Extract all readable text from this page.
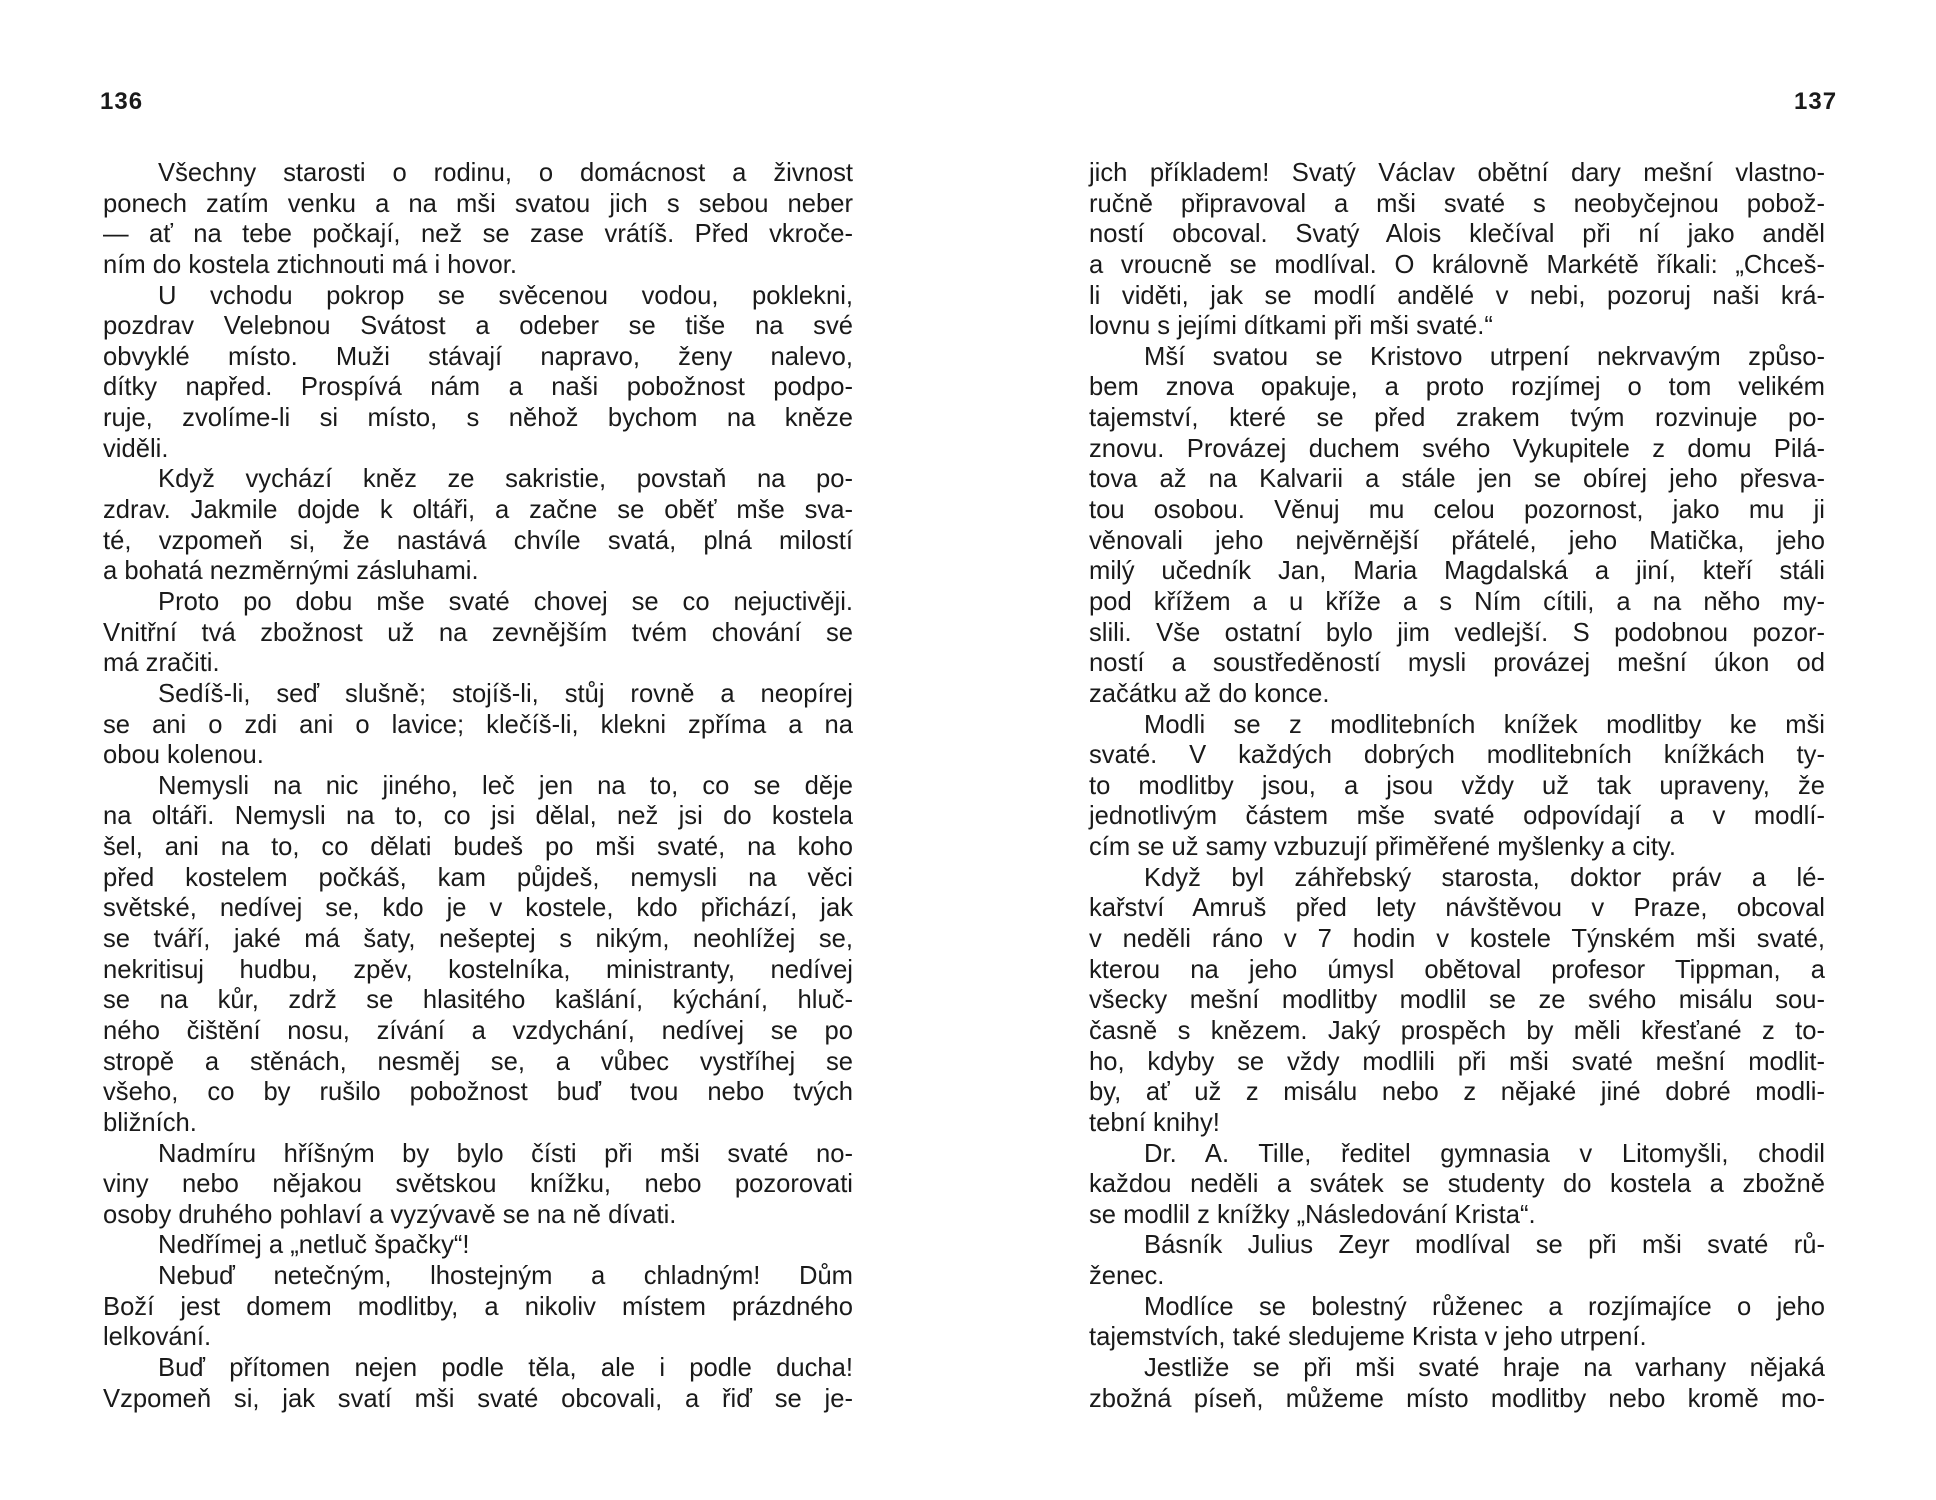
136
Všechny starosti o rodinu, o domácnost a živnost
ponech zatím venku a na mši svatou jich s sebou neber
— ať na tebe počkají, než se zase vrátíš. Před vkroče-
ním do kostela ztichnouti má i hovor.
U vchodu pokrop se svěcenou vodou, poklekni,
pozdrav Velebnou Svátost a odeber se tiše na své
obvyklé místo. Muži stávají napravo, ženy nalevo,
dítky napřed. Prospívá nám a naši pobožnost podpo-
ruje, zvolíme-li si místo, s něhož bychom na kněze
viděli.
Když vychází kněz ze sakristie, povstaň na po-
zdrav. Jakmile dojde k oltáři, a začne se oběť mše sva-
té, vzpomeň si, že nastává chvíle svatá, plná milostí
a bohatá nezměrnými zásluhami.
Proto po dobu mše svaté chovej se co nejuctivěji.
Vnitřní tvá zbožnost už na zevnějším tvém chování se
má zračiti.
Sedíš-li, seď slušně; stojíš-li, stůj rovně a neopírej
se ani o zdi ani o lavice; klečíš-li, klekni zpříma a na
obou kolenou.
Nemysli na nic jiného, leč jen na to, co se děje
na oltáři. Nemysli na to, co jsi dělal, než jsi do kostela
šel, ani na to, co dělati budeš po mši svaté, na koho
před kostelem počkáš, kam půjdeš, nemysli na věci
světské, nedívej se, kdo je v kostele, kdo přichází, jak
se tváří, jaké má šaty, nešeptej s nikým, neohlížej se,
nekritisuj hudbu, zpěv, kostelníka, ministranty, nedívej
se na kůr, zdrž se hlasitého kašlání, kýchání, hluč-
ného čištění nosu, zívání a vzdychání, nedívej se po
stropě a stěnách, nesměj se, a vůbec vystříhej se
všeho, co by rušilo pobožnost buď tvou nebo tvých
bližních.
Nadmíru hříšným by bylo čísti při mši svaté no-
viny nebo nějakou světskou knížku, nebo pozorovati
osoby druhého pohlaví a vyzývavě se na ně dívati.
Nedřímej a „netluč špačky“!
Nebuď netečným, lhostejným a chladným! Dům
Boží jest domem modlitby, a nikoliv místem prázdného
lelkování.
Buď přítomen nejen podle těla, ale i podle ducha!
Vzpomeň si, jak svatí mši svaté obcovali, a řiď se je-
137
jich příkladem! Svatý Václav obětní dary mešní vlastno-
ručně připravoval a mši svaté s neobyčejnou pobož-
ností obcoval. Svatý Alois klečíval při ní jako anděl
a vroucně se modlíval. O královně Markétě říkali: „Chceš-
li viděti, jak se modlí andělé v nebi, pozoruj naši krá-
lovnu s jejími dítkami při mši svaté.“
Mší svatou se Kristovo utrpení nekrvavým způso-
bem znova opakuje, a proto rozjímej o tom velikém
tajemství, které se před zrakem tvým rozvinuje po-
znovu. Provázej duchem svého Vykupitele z domu Pilá-
tova až na Kalvarii a stále jen se obírej jeho přesva-
tou osobou. Věnuj mu celou pozornost, jako mu ji
věnovali jeho nejvěrnější přátelé, jeho Matička, jeho
milý učedník Jan, Maria Magdalská a jiní, kteří stáli
pod křížem a u kříže a s Ním cítili, a na něho my-
slili. Vše ostatní bylo jim vedlejší. S podobnou pozor-
ností a soustředěností mysli provázej mešní úkon od
začátku až do konce.
Modli se z modlitebních knížek modlitby ke mši
svaté. V každých dobrých modlitebních knížkách ty-
to modlitby jsou, a jsou vždy už tak upraveny, že
jednotlivým částem mše svaté odpovídají a v modlí-
cím se už samy vzbuzují přiměřené myšlenky a city.
Když byl záhřebský starosta, doktor práv a lé-
kařství Amruš před lety návštěvou v Praze, obcoval
v neděli ráno v 7 hodin v kostele Týnském mši svaté,
kterou na jeho úmysl obětoval profesor Tippman, a
všecky mešní modlitby modlil se ze svého misálu sou-
časně s knězem. Jaký prospěch by měli křesťané z to-
ho, kdyby se vždy modlili při mši svaté mešní modlit-
by, ať už z misálu nebo z nějaké jiné dobré modli-
tební knihy!
Dr. A. Tille, ředitel gymnasia v Litomyšli, chodil
každou neděli a svátek se studenty do kostela a zbožně
se modlil z knížky „Následování Krista“.
Básník Julius Zeyr modlíval se při mši svaté rů-
ženec.
Modlíce se bolestný růženec a rozjímajíce o jeho
tajemstvích, také sledujeme Krista v jeho utrpení.
Jestliže se při mši svaté hraje na varhany nějaká
zbožná píseň, můžeme místo modlitby nebo kromě mo-
